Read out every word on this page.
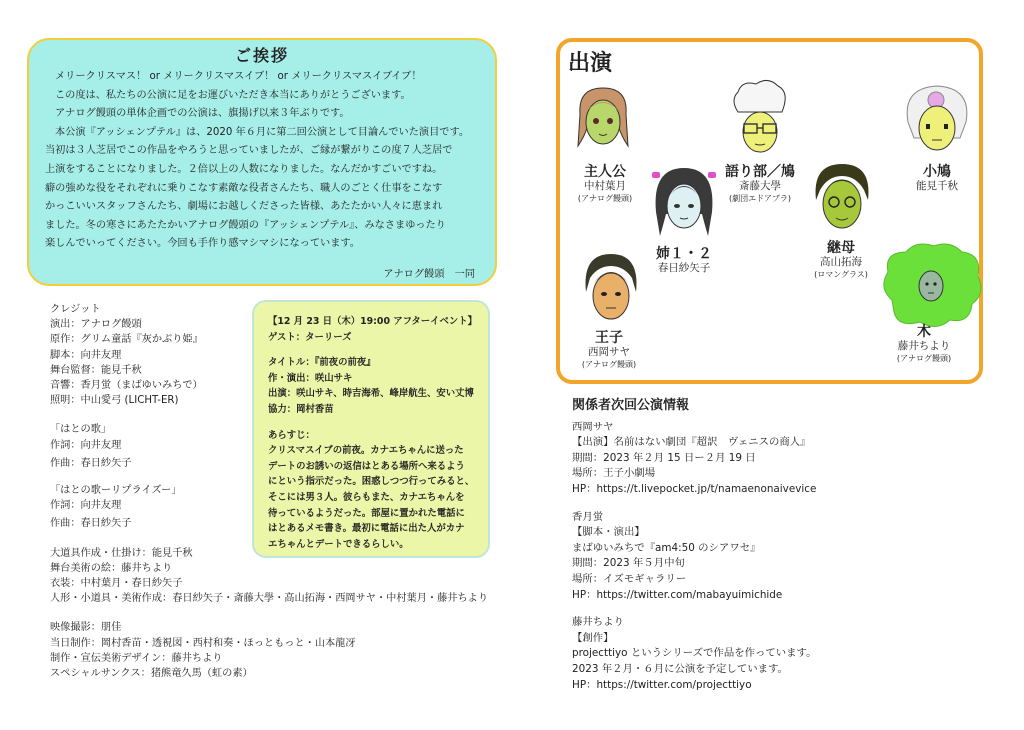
ご挨拶
メリークリスマス！ or メリークリスマスイブ！ or メリークリスマスイブイブ！
この度は、私たちの公演に足をお運びいただき本当にありがとうございます。
アナログ饅頭の単体企画での公演は、旗揚げ以来３年ぶりです。
本公演『アッシェンプテル』は、2020 年６月に第二回公演として目論んでいた演目です。
当初は３人芝居でこの作品をやろうと思っていましたが、ご縁が繋がりこの度７人芝居で
上演をすることになりました。２倍以上の人数になりました。なんだかすごいですね。
癖の強めな役をそれぞれに乗りこなす素敵な役者さんたち、職人のごとく仕事をこなす
かっこいいスタッフさんたち、劇場にお越しくださった皆様、あたたかい人々に恵まれ
ました。冬の寒さにあたたかいアナログ饅頭の『アッシェンプテル』、みなさまゆったり
楽しんでいってください。今回も手作り感マシマシになっています。
アナログ饅頭　一同
クレジット
演出：アナログ饅頭
原作：グリム童話『灰かぶり姫』
脚本：向井友理
舞台監督：能見千秋
音響：香月蛍（まばゆいみちで）
照明：中山愛弓 (LICHT-ER)
「はとの歌」
作詞：向井友理
作曲：春日紗矢子
「はとの歌ーリプライズー」
作詞：向井友理
作曲：春日紗矢子
大道具作成・仕掛け：能見千秋
舞台美術の絵：藤井ちより
衣装：中村葉月・春日紗矢子
人形・小道具・美術作成：春日紗矢子・斎藤大學・高山拓海・西岡サヤ・中村葉月・藤井ちより
映像撮影：朋佳
当日制作：岡村香苗・透視図・西村和奏・ほっともっと・山本龍冴
制作・宣伝美術デザイン：藤井ちより
スペシャルサンクス：猪熊竜久馬（虹の素）
【12 月 23 日（木）19:00 アフターイベント】
ゲスト：ターリーズ
タイトル：『前夜の前夜』
作・演出：咲山サキ
出演：咲山サキ、時吉海希、峰岸航生、安い丈博
協力：岡村香苗
あらすじ：
クリスマスイブの前夜。カナエちゃんに送った
デートのお誘いの返信はとある場所へ来るよう
にという指示だった。困惑しつつ行ってみると、
そこには男３人。彼らもまた、カナエちゃんを
待っているようだった。部屋に置かれた電話に
はとあるメモ書き。最初に電話に出た人がカナ
エちゃんとデートできるらしい。
出演
主人公
中村葉月
(アナログ饅頭)
姉１・２
春日紗矢子
語り部／鳩
斎藤大學
(劇団エドアブラ)
小鳩
能見千秋
継母
高山拓海
(ロマングラス)
王子
西岡サヤ
(アナログ饅頭)
木
藤井ちより
(アナログ饅頭)
関係者次回公演情報
西岡サヤ
【出演】名前はない劇団『超訳　ヴェニスの商人』
期間：2023 年２月 15 日ー２月 19 日
場所：王子小劇場
HP：https://t.livepocket.jp/t/namaenonaivevice
香月蛍
【脚本・演出】
まばゆいみちで『am4:50 のシアワセ』
期間：2023 年５月中旬
場所：イズモギャラリー
HP：https://twitter.com/mabayuimichide
藤井ちより
【創作】
projecttiyo というシリーズで作品を作っています。
2023 年２月・６月に公演を予定しています。
HP：https://twitter.com/projecttiyo
